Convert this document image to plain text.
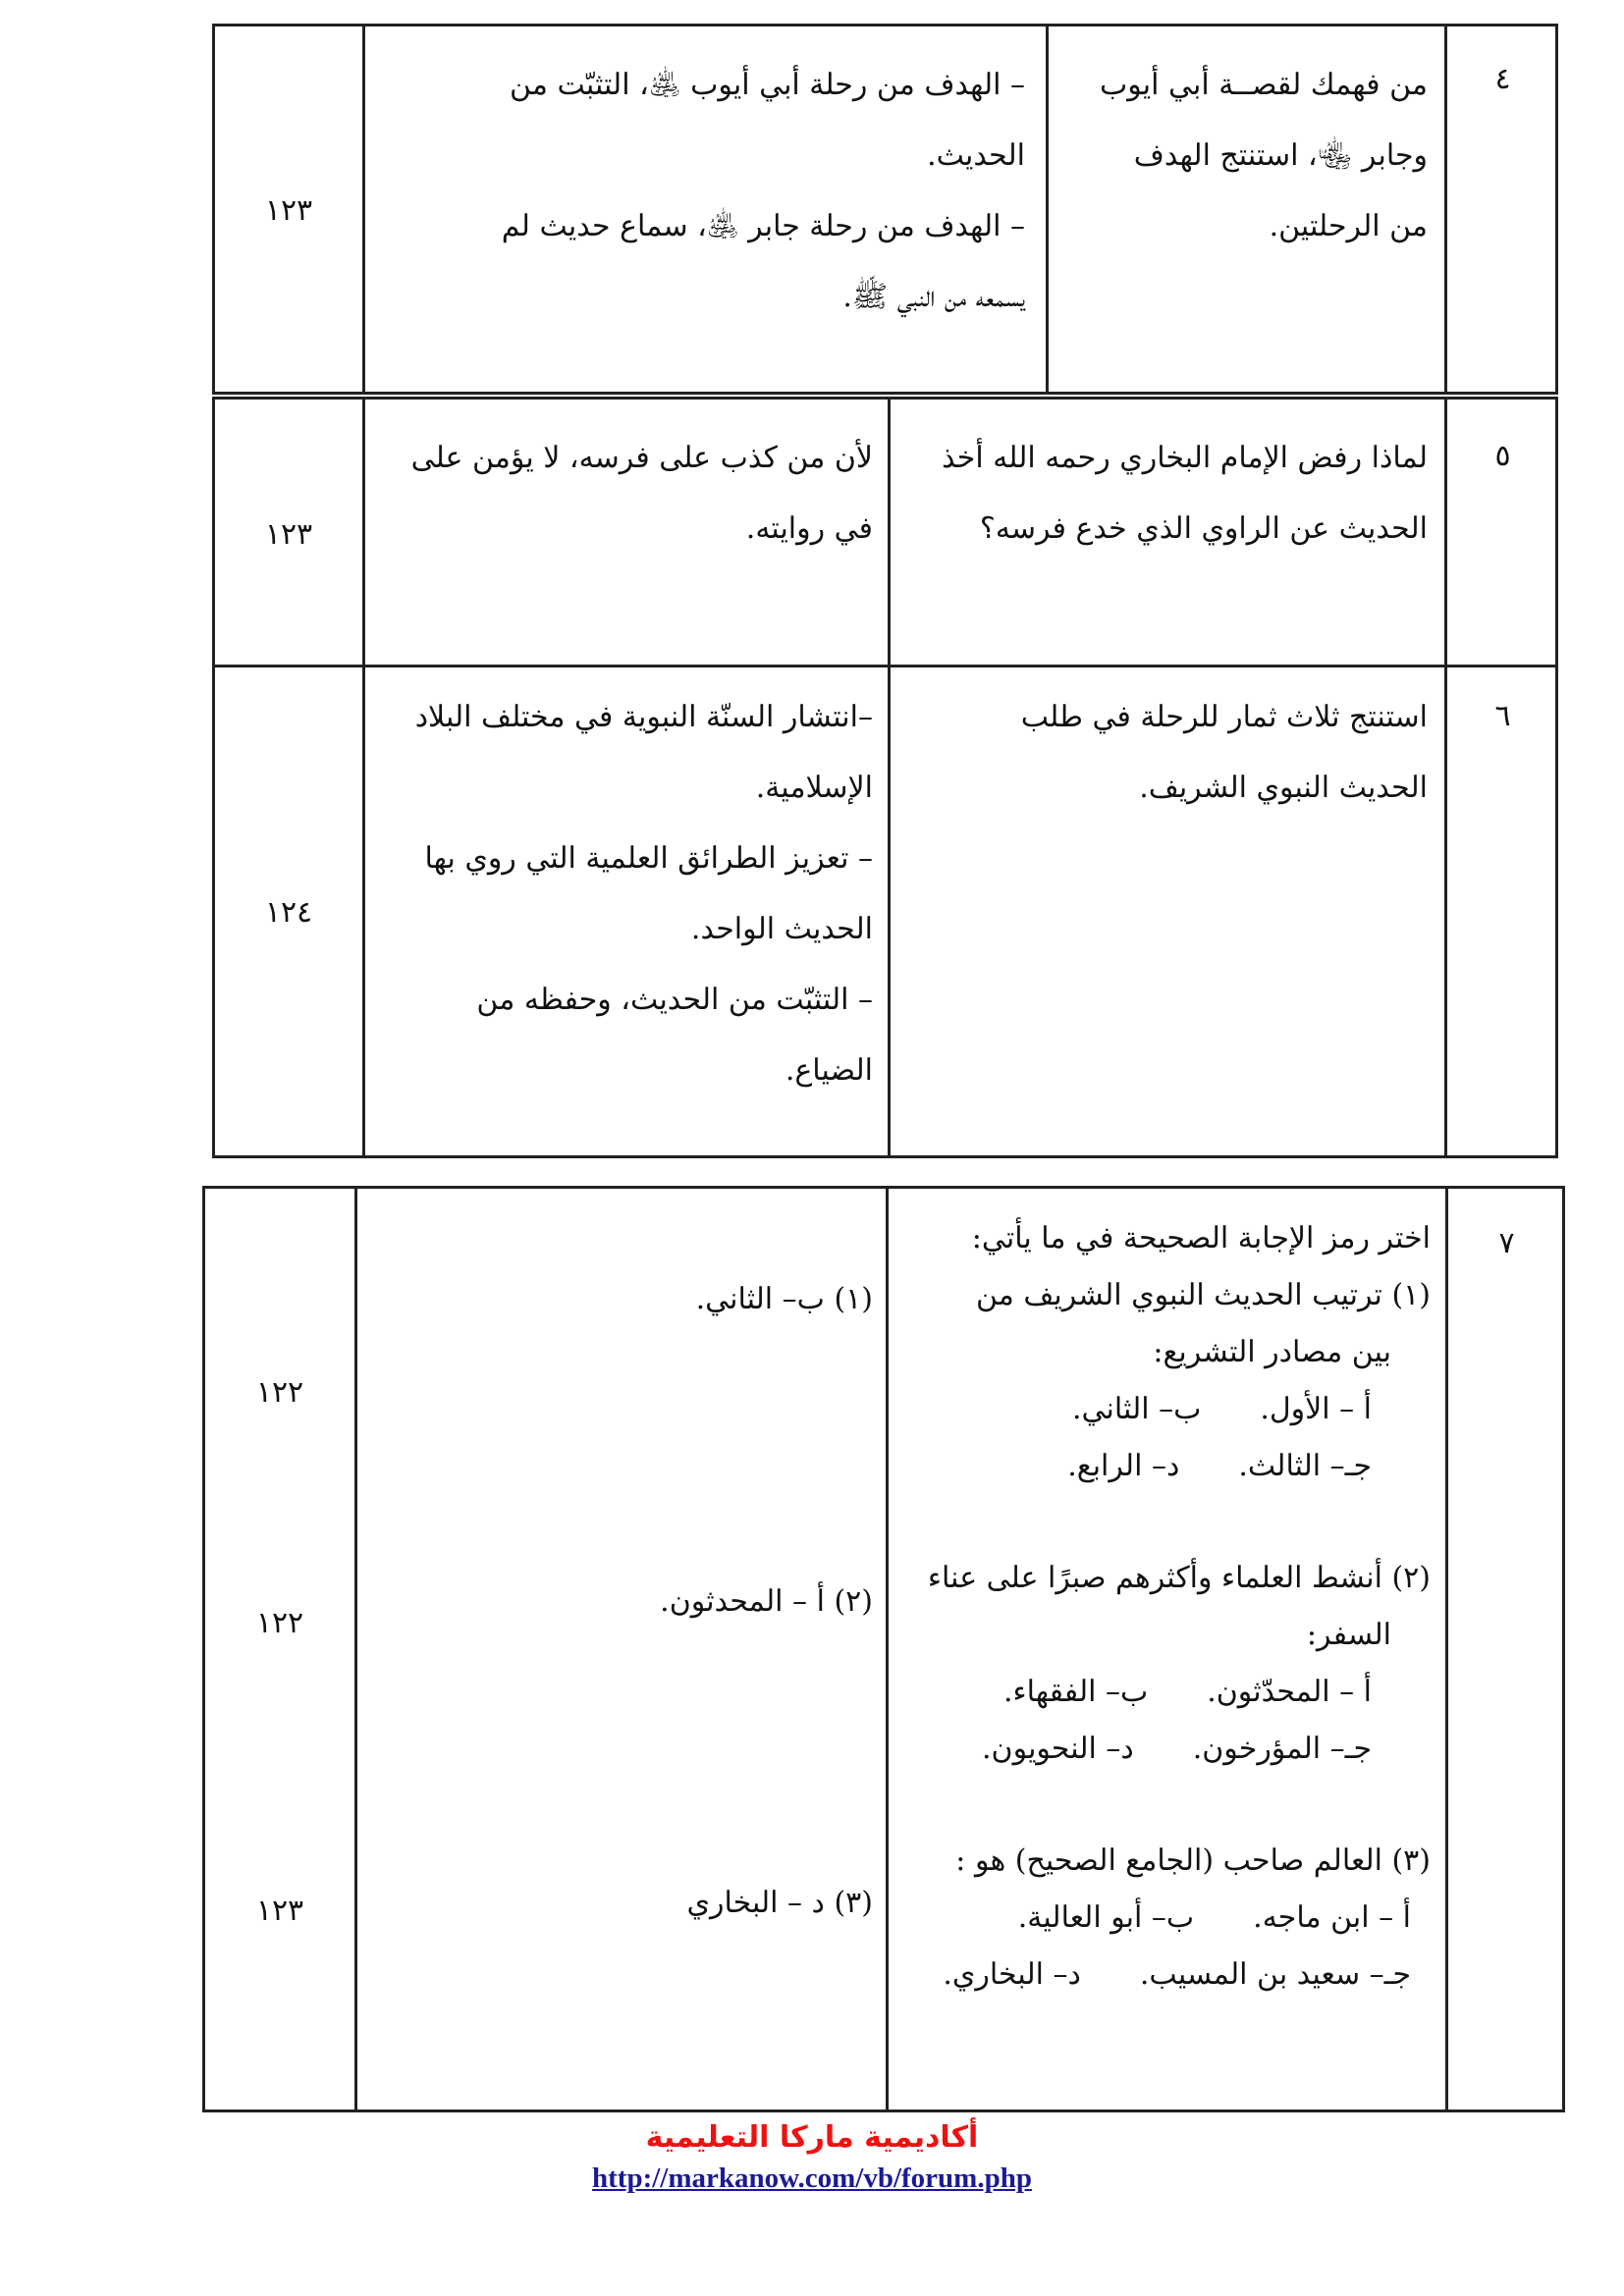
٤
من فهمك لقصــة أبي أيوب
وجابر ﵄، استنتج الهدف
من الرحلتين.
– الهدف من رحلة أبي أيوب ﵁، التثبّت من
الحديث.
– الهدف من رحلة جابر ﵁، سماع حديث لم
يسمعه من النبي ﷺ.
١٢٣
٥
لماذا رفض الإمام البخاري رحمه الله أخذ
الحديث عن الراوي الذي خدع فرسه؟
لأن من كذب على فرسه، لا يؤمن على
في روايته.
١٢٣
٦
استنتج ثلاث ثمار للرحلة في طلب
الحديث النبوي الشريف.
–انتشار السنّة النبوية في مختلف البلاد
الإسلامية.
– تعزيز الطرائق العلمية التي روي بها
الحديث الواحد.
– التثبّت من الحديث، وحفظه من
الضياع.
١٢٤
٧
اختر رمز الإجابة الصحيحة في ما يأتي:
(١) ترتيب الحديث النبوي الشريف من
بين مصادر التشريع:
أ – الأول.ب– الثاني.
جـ– الثالث.د– الرابع.
(٢) أنشط العلماء وأكثرهم صبرًا على عناء
السفر:
أ – المحدّثون.ب– الفقهاء.
جـ– المؤرخون.د– النحويون.
(٣) العالم صاحب (الجامع الصحيح) هو :
أ – ابن ماجه.ب– أبو العالية.
جـ– سعيد بن المسيب.د– البخاري.
(١) ب– الثاني.
(٢) أ – المحدثون.
(٣) د – البخاري
١٢٢
١٢٢
١٢٣
أكاديمية ماركا التعليمية
http://markanow.com/vb/forum.php
